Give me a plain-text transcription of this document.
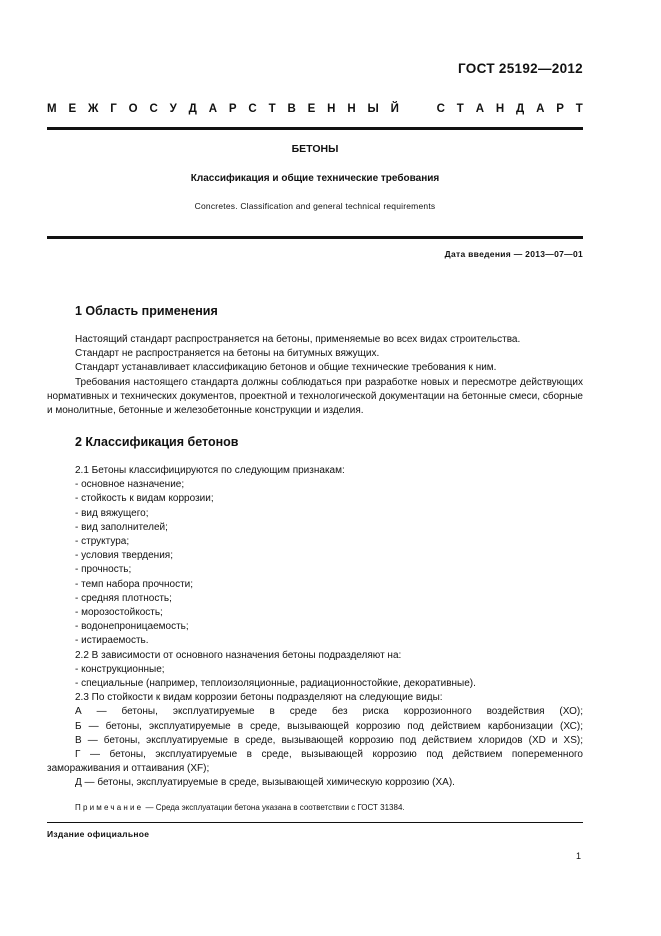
ГОСТ 25192—2012
М Е Ж Г О С У Д А Р С Т В Е Н Н Ы Й	С Т А Н Д А Р Т
БЕТОНЫ
Классификация и общие технические требования
Concretes. Classification and general technical requirements
Дата введения — 2013—07—01
1 Область применения

Настоящий стандарт распространяется на бетоны, применяемые во всех видах строительства.

Стандарт не распространяется на бетоны на битумных вяжущих.

Стандарт устанавливает классификацию бетонов и общие технические требования к ним.

Требования настоящего стандарта должны соблюдаться при разработке новых и пересмотре действующих нормативных и технических документов, проектной и технологической документации на бетонные смеси, сборные и монолитные, бетонные и железобетонные конструкции и изделия.

2 Классификация бетонов

2.1 Бетоны классифицируются по следующим признакам:

- основное назначение;

- стойкость к видам коррозии;

- вид вяжущего;

- вид заполнителей;

- структура;

- условия твердения;

- прочность;

- темп набора прочности;

- средняя плотность;

- морозостойкость;

- водонепроницаемость;

- истираемость.

2.2 В зависимости от основного назначения бетоны подразделяют на:

- конструкционные;

- специальные (например, теплоизоляционные, радиационностойкие, декоративные).

2.3 По стойкости к видам коррозии бетоны подразделяют на следующие виды:

А — бетоны, эксплуатируемые в среде без риска коррозионного воздействия (ХО);

Б — бетоны, эксплуатируемые в среде, вызывающей коррозию под действием карбонизации (ХС);

В — бетоны, эксплуатируемые в среде, вызывающей коррозию под действием хлоридов (XD и XS);

Г — бетоны, эксплуатируемые в среде, вызывающей коррозию под действием попеременного замораживания и оттаивания (XF);

Д — бетоны, эксплуатируемые в среде, вызывающей химическую коррозию (ХА).

Примечание — Среда эксплуатации бетона указана в соответствии с ГОСТ 31384.
Издание официальное
1
